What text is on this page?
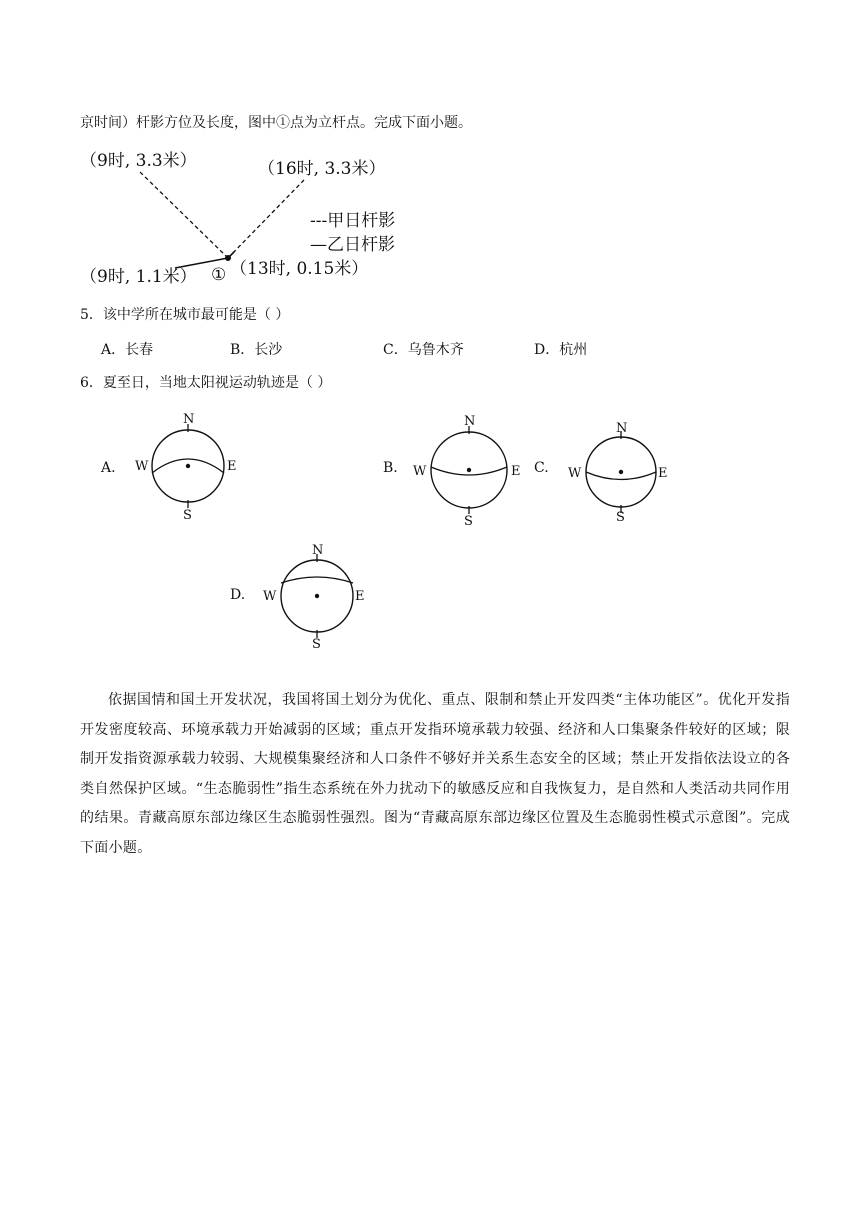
京时间）杆影方位及长度，图中①点为立杆点。完成下面小题。
（9时, 3.3米）	（16时, 3.3米）
---甲日杆影
—乙日杆影
（9时, 1.1米） ① （13时, 0.15米）
5．该中学所在城市最可能是（ ）
A．长春	B．长沙	C．乌鲁木齐	D．杭州
6．夏至日，当地太阳视运动轨迹是（ ）
A.
N
S
W	E	B.
N
S
W	E C.
N
S
W	E
D.
N
S
W	E
依据国情和国土开发状况，我国将国土划分为优化、重点、限制和禁止开发四类“主体功能区”。优化开发指开发密度较高、环境承载力开始减弱的区域；重点开发指环境承载力较强、经济和人口集聚条件较好的区域；限制开发指资源承载力较弱、大规模集聚经济和人口条件不够好并关系生态安全的区域；禁止开发指依法设立的各类自然保护区域。“生态脆弱性”指生态系统在外力扰动下的敏感反应和自我恢复力，是自然和人类活动共同作用的结果。青藏高原东部边缘区生态脆弱性强烈。图为“青藏高原东部边缘区位置及生态脆弱性模式示意图”。完成下面小题。
